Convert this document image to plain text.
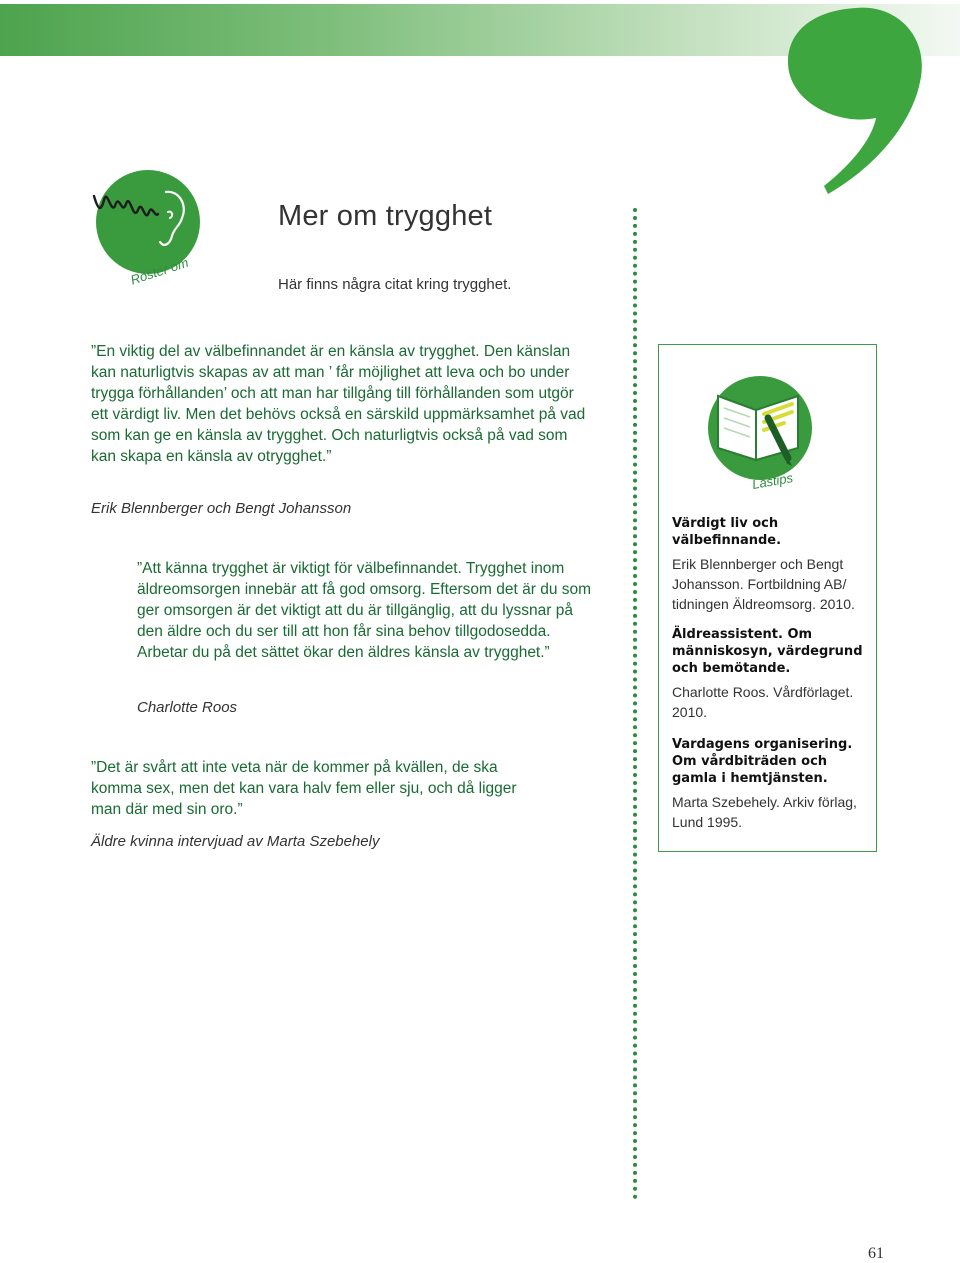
Röster om
Mer om trygghet

Här finns några citat kring trygghet.

”En viktig del av välbefinnandet är en känsla av trygghet. Den känslan kan naturligtvis skapas av att man ’ får möjlighet att leva och bo under trygga förhållanden’ och att man har tillgång till förhållanden som utgör ett värdigt liv. Men det behövs också en särskild uppmärksamhet på vad som kan ge en känsla av trygghet. Och naturligtvis också på vad som kan skapa en känsla av otrygghet.”

Erik Blennberger och Bengt Johansson

”Att känna trygghet är viktigt för välbefinnandet. Trygghet inom äldreomsorgen innebär att få god omsorg. Eftersom det är du som ger omsorgen är det viktigt att du är tillgänglig, att du lyssnar på den äldre och du ser till att hon får sina behov tillgodosedda. Arbetar du på det sättet ökar den äldres känsla av trygghet.”

Charlotte Roos

”Det är svårt att inte veta när de kommer på kvällen, de ska komma sex, men det kan vara halv fem eller sju, och då ligger man där med sin oro.”

Äldre kvinna intervjuad av Marta Szebehely

Lästips

Värdigt liv och välbefinnande.

Erik Blennberger och Bengt Johansson. Fortbildning AB/ tidningen Äldreomsorg. 2010.

Äldreassistent. Om människosyn, värdegrund och bemötande.

Charlotte Roos. Vårdförlaget. 2010.

Vardagens organisering. Om vårdbiträden och gamla i hemtjänsten.

Marta Szebehely. Arkiv förlag, Lund 1995.

61
